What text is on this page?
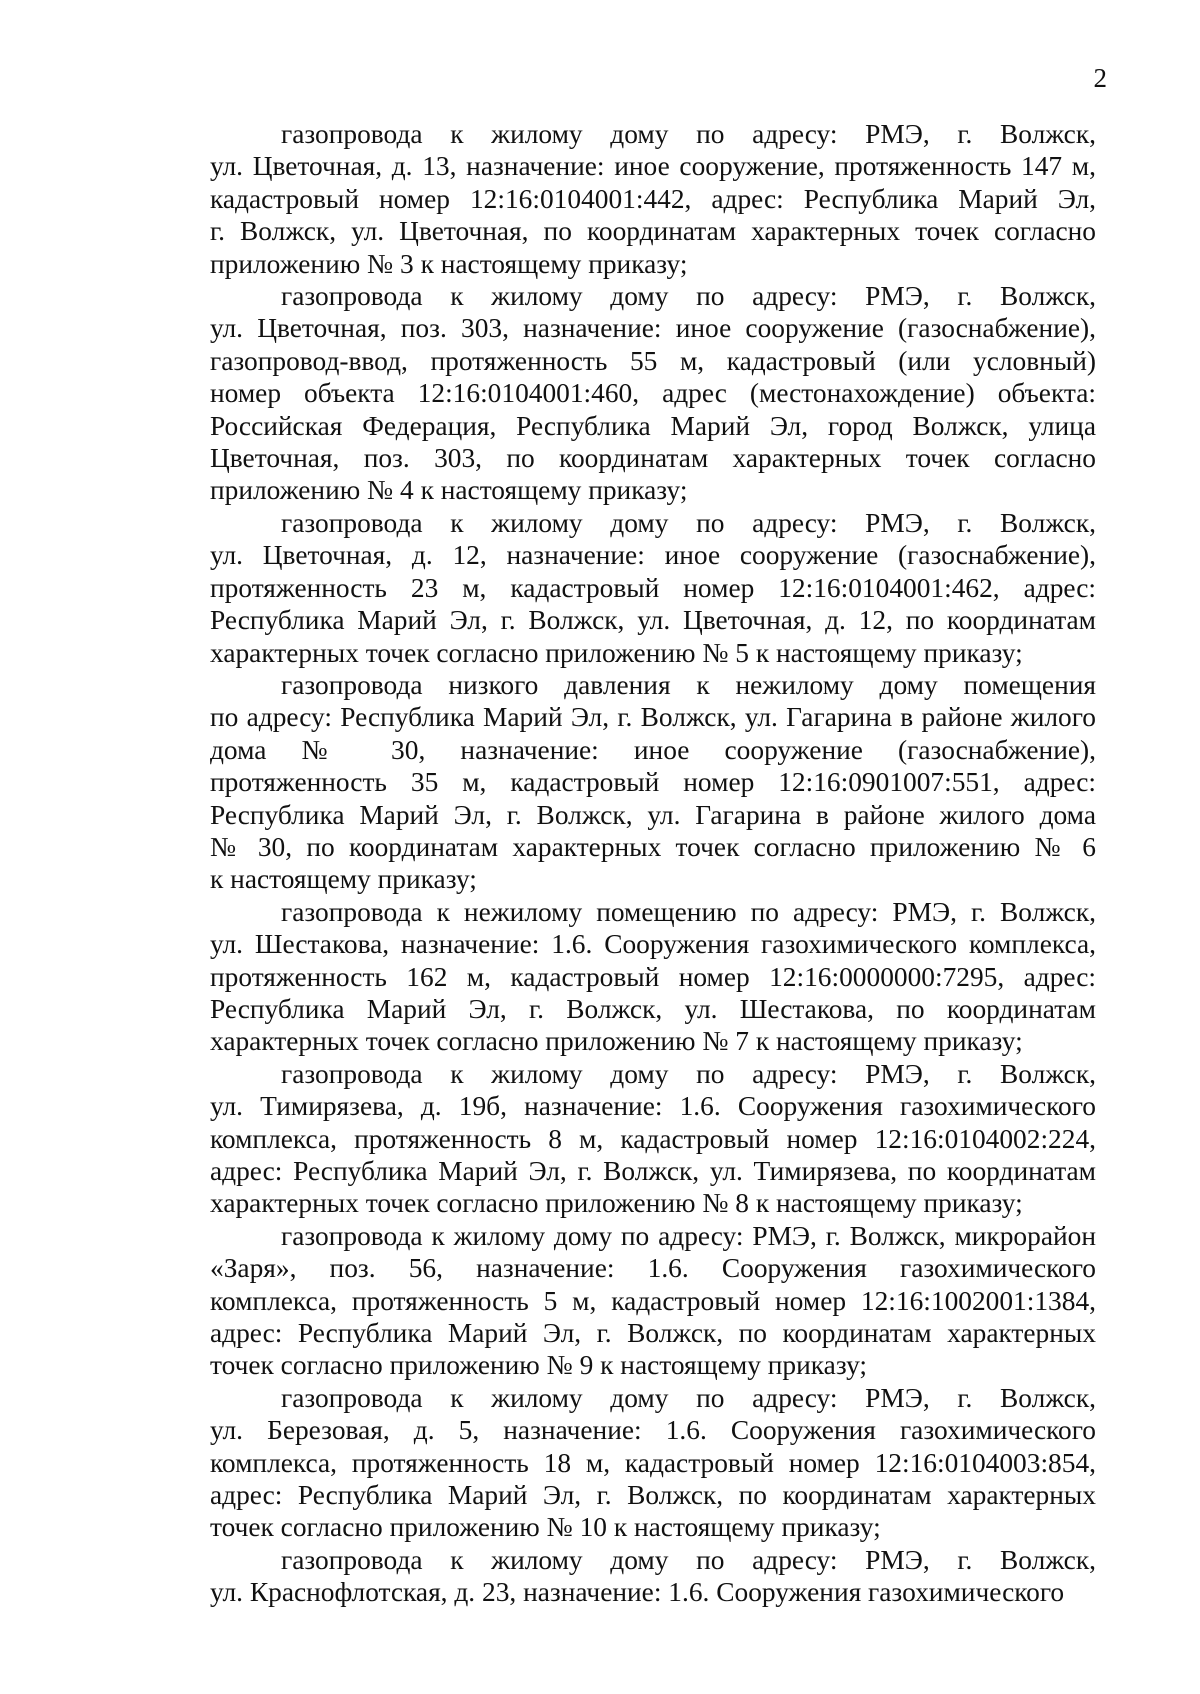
2

газопровода к жилому дому по адресу: РМЭ, г. Волжск,
ул. Цветочная, д. 13, назначение: иное сооружение, протяженность 147 м,
кадастровый номер 12:16:0104001:442, адрес: Республика Марий Эл,
г. Волжск, ул. Цветочная, по координатам характерных точек согласно
приложению № 3 к настоящему приказу;

газопровода к жилому дому по адресу: РМЭ, г. Волжск,
ул. Цветочная, поз. 303, назначение: иное сооружение (газоснабжение),
газопровод-ввод, протяженность 55 м, кадастровый (или условный)
номер объекта 12:16:0104001:460, адрес (местонахождение) объекта:
Российская Федерация, Республика Марий Эл, город Волжск, улица
Цветочная, поз. 303, по координатам характерных точек согласно
приложению № 4 к настоящему приказу;

газопровода к жилому дому по адресу: РМЭ, г. Волжск,
ул. Цветочная, д. 12, назначение: иное сооружение (газоснабжение),
протяженность 23 м, кадастровый номер 12:16:0104001:462, адрес:
Республика Марий Эл, г. Волжск, ул. Цветочная, д. 12, по координатам
характерных точек согласно приложению № 5 к настоящему приказу;

газопровода низкого давления к нежилому дому помещения
по адресу: Республика Марий Эл, г. Волжск, ул. Гагарина в районе жилого
дома № 30, назначение: иное сооружение (газоснабжение),
протяженность 35 м, кадастровый номер 12:16:0901007:551, адрес:
Республика Марий Эл, г. Волжск, ул. Гагарина в районе жилого дома
№ 30, по координатам характерных точек согласно приложению № 6
к настоящему приказу;

газопровода к нежилому помещению по адресу: РМЭ, г. Волжск,
ул. Шестакова, назначение: 1.6. Сооружения газохимического комплекса,
протяженность 162 м, кадастровый номер 12:16:0000000:7295, адрес:
Республика Марий Эл, г. Волжск, ул. Шестакова, по координатам
характерных точек согласно приложению № 7 к настоящему приказу;

газопровода к жилому дому по адресу: РМЭ, г. Волжск,
ул. Тимирязева, д. 19б, назначение: 1.6. Сооружения газохимического
комплекса, протяженность 8 м, кадастровый номер 12:16:0104002:224,
адрес: Республика Марий Эл, г. Волжск, ул. Тимирязева, по координатам
характерных точек согласно приложению № 8 к настоящему приказу;

газопровода к жилому дому по адресу: РМЭ, г. Волжск, микрорайон
«Заря», поз. 56, назначение: 1.6. Сооружения газохимического
комплекса, протяженность 5 м, кадастровый номер 12:16:1002001:1384,
адрес: Республика Марий Эл, г. Волжск, по координатам характерных
точек согласно приложению № 9 к настоящему приказу;

газопровода к жилому дому по адресу: РМЭ, г. Волжск,
ул. Березовая, д. 5, назначение: 1.6. Сооружения газохимического
комплекса, протяженность 18 м, кадастровый номер 12:16:0104003:854,
адрес: Республика Марий Эл, г. Волжск, по координатам характерных
точек согласно приложению № 10 к настоящему приказу;

газопровода к жилому дому по адресу: РМЭ, г. Волжск,
ул. Краснофлотская, д. 23, назначение: 1.6. Сооружения газохимического
